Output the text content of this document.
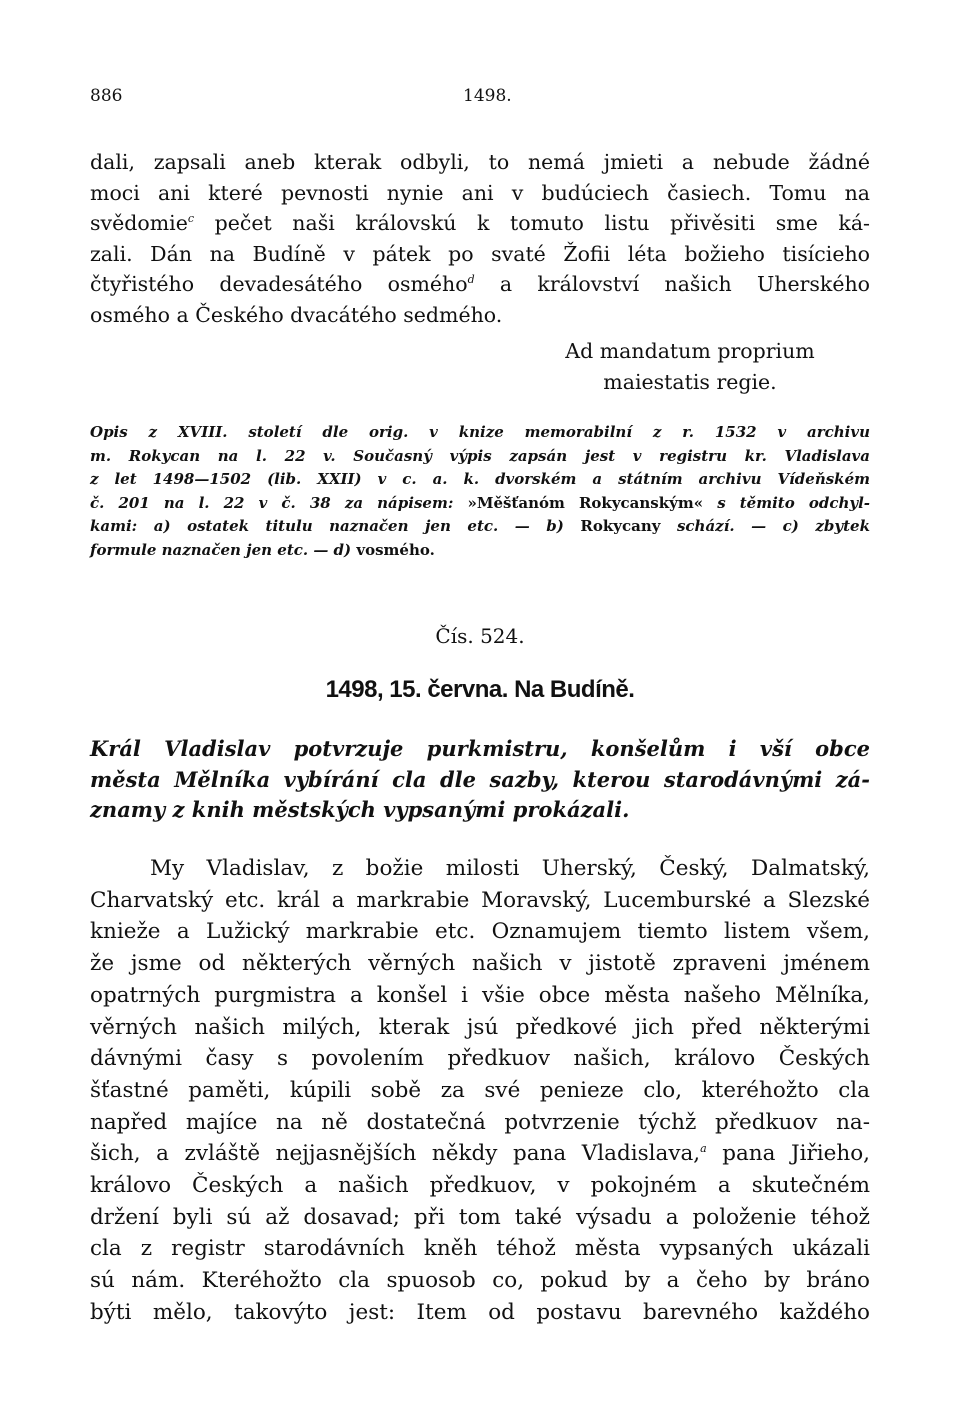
886	1498.
dali, zapsali aneb kterak odbyli, to nemá jmieti a nebude žádné
moci ani které pevnosti nynie ani v budúciech časiech. Tomu na
svědomie$^c$ pečet naši královskú k tomuto listu přivěsiti sme ká-
zali. Dán na Budíně v pátek po svaté Žofii léta božieho tisícieho
čtyřistého devadesátého osmého$^d$ a království našich Uherského
osmého a Českého dvacátého sedmého.
Ad mandatum proprium
maiestatis regie.
Opis z XVIII. století dle orig. v knize memorabilní z r. 1532 v archivu
m. Rokycan na l. 22 v. Současný výpis zapsán jest v registru kr. Vladislava
z let 1498—1502 (lib. XXII) v c. a. k. dvorském a státním archivu Vídeňském
č. 201 na l. 22 v č. 38 za nápisem: »Měšťanóm Rokycanským« s těmito odchyl-
kami: a) ostatek titulu naznačen jen etc. — b) Rokycany schází. — c) zbytek
formule naznačen jen etc. — d) vosmého.
Čís. 524.
1498, 15. června. Na Budíně.
Král Vladislav potvrzuje purkmistru, konšelům i vší obce
města Mělníka vybírání cla dle sazby, kterou starodávnými zá-
znamy z knih městských vypsanými prokázali.
My Vladislav, z božie milosti Uherský, Český, Dalmatský,
Charvatský etc. král a markrabie Moravský, Lucemburské a Slezské
knieže a Lužický markrabie etc. Oznamujem tiemto listem všem,
že jsme od některých věrných našich v jistotě zpraveni jménem
opatrných purgmistra a konšel i všie obce města našeho Mělníka,
věrných našich milých, kterak jsú předkové jich před některými
dávnými časy s povolením předkuov našich, královo Českých
šťastné paměti, kúpili sobě za své penieze clo, kteréhožto cla
napřed majíce na ně dostatečná potvrzenie týchž předkuov na-
šich, a zvláště nejjasnějších někdy pana Vladislava,$^a$ pana Jiřieho,
královo Českých a našich předkuov, v pokojném a skutečném
držení byli sú až dosavad; při tom také výsadu a položenie téhož
cla z registr starodávních kněh téhož města vypsaných ukázali
sú nám. Kteréhožto cla spuosob co, pokud by a čeho by bráno
býti mělo, takovýto jest: Item od postavu barevného každého
